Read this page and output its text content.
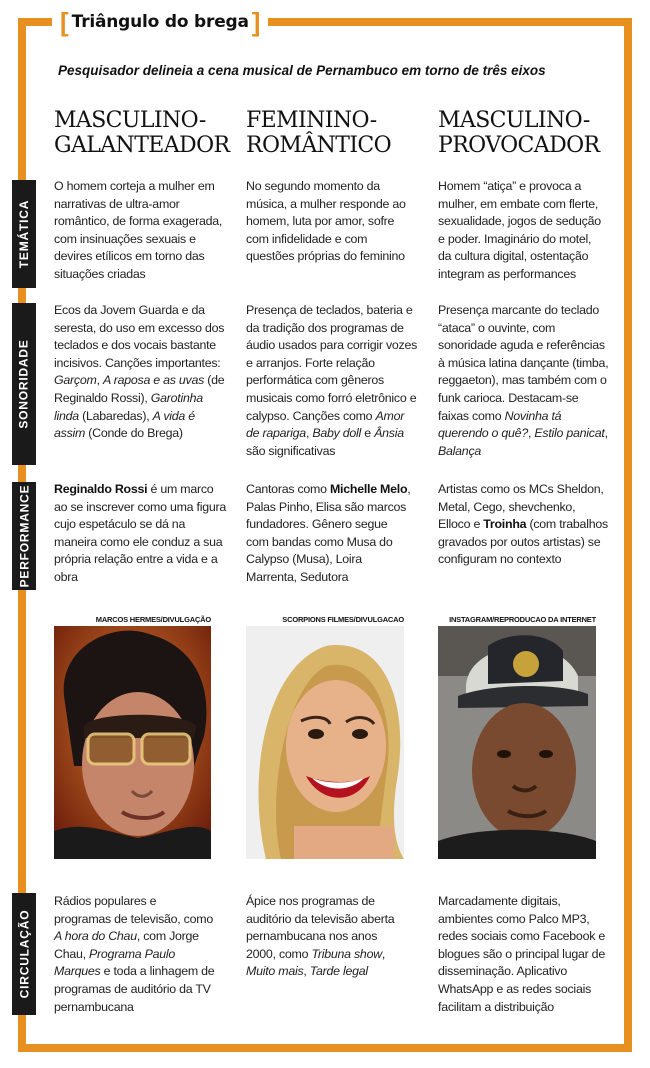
[ Triângulo do brega ]
Pesquisador delineia a cena musical de Pernambuco em torno de três eixos
MASCULINO-
GALANTEADOR
FEMININO-
ROMÂNTICO
MASCULINO-
PROVOCADOR
TEMÁTICA
SONORIDADE
PERFORMANCE
CIRCULAÇÃO
O homem corteja a mulher em narrativas de ultra-amor romântico, de forma exagerada, com insinuações sexuais e devires etílicos em torno das situações criadas
No segundo momento da música, a mulher responde ao homem, luta por amor, sofre com infidelidade e com questões próprias do feminino
Homem “atiça” e provoca a mulher, em embate com flerte, sexualidade, jogos de sedução e poder. Imaginário do motel, da cultura digital, ostentação integram as performances
Ecos da Jovem Guarda e da seresta, do uso em excesso dos teclados e dos vocais bastante incisivos. Canções importantes: Garçom, A raposa e as uvas (de Reginaldo Rossi), Garotinha linda (Labaredas), A vida é assim (Conde do Brega)
Presença de teclados, bateria e da tradição dos programas de áudio usados para corrigir vozes e arranjos. Forte relação performática com gêneros musicais como forró eletrônico e calypso. Canções como Amor de rapariga, Baby doll e Ânsia são significativas
Presença marcante do teclado “ataca” o ouvinte, com sonoridade aguda e referências à música latina dançante (timba, reggaeton), mas também com o funk carioca. Destacam-se faixas como Novinha tá querendo o quê?, Estilo panicat, Balança
Reginaldo Rossi é um marco ao se inscrever como uma figura cujo espetáculo se dá na maneira como ele conduz a sua própria relação entre a vida e a obra
Cantoras como Michelle Melo, Palas Pinho, Elisa são marcos fundadores. Gênero segue com bandas como Musa do Calypso (Musa), Loira Marrenta, Sedutora
Artistas como os MCs Sheldon, Metal, Cego, shevchenko, Elloco e Troinha (com trabalhos gravados por outos artistas) se configuram no contexto
MARCOS HERMES/DIVULGAÇÃO	SCORPIONS FILMES/DIVULGACAO	INSTAGRAM/REPRODUCAO DA INTERNET
Rádios populares e programas de televisão, como A hora do Chau, com Jorge Chau, Programa Paulo Marques e toda a linhagem de programas de auditório da TV pernambucana
Ápice nos programas de auditório da televisão aberta pernambucana nos anos 2000, como Tribuna show, Muito mais, Tarde legal
Marcadamente digitais, ambientes como Palco MP3, redes sociais como Facebook e blogues são o principal lugar de disseminação. Aplicativo WhatsApp e as redes sociais facilitam a distribuição
